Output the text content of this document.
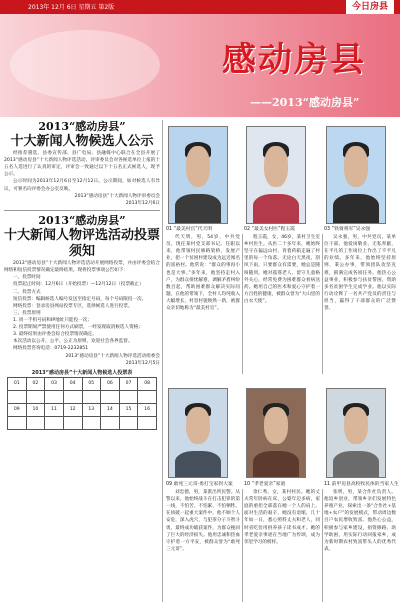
2013年 12月 6日 星期五 第2版	今日房县
感动房县
——2013“感动房县”
2013“感动房县”
十大新闻人物候选人公示

经推荐遴选、县委宣传部、县广电局、县融媒中心联合在全县开展了2013“感动房县”十大新闻人物评选活动，评审委员会对各候选单位上报的十五名人选进行了认真的审定，评审会一致通过以下十五名正式候选人，现予公示。

公示时间为2013年12月6日至12月12日。公示期间，如对候选人有异议，可署名向评委会办公室反映。

2013“感动房县”十大新闻人物评审委员会

2013年12月6日

2013“感动房县”
十大新闻人物评选活动投票须知

2013“感动房县”十大新闻人物评选活动开展网络投票，并由评委会结合网络和短信投票情况确定最终结果。现将投票事项公告如下：

一、投票时间

投票起止时间：12月6日（开始投票）—12月12日（投票截止）

二、投票方式

短信投票：编辑候选人编号发送至指定号码，每个号码限投一次。

网络投票：登录房县网站投票专区，选择候选人进行投票。

三、投票原则

1. 同一手机号码和IP地址只能投一次；

2. 投票期间严禁使用任何方式刷票，一经发现取消候选人资格；

3. 最终结果由评委会综合投票情况确定。

本次活动以公开、公平、公正为原则，欢迎社会各界监督。

网络投票咨询电话：0719-2232851

2013“感动房县”十大新闻人物评选活动组委会

2013年12月5日

2013“感动房县”十大新闻人物候选人投票表
01	02	03	04	05	06	07	08

09	10	11	12	13	14	15	16

01 “最美村官”代天明	02 “最美女村医”程玉霞	03 “铁骑将军”吴永强

代天明，男，54岁，中共党员，现任某村党支部书记。任职以来，他带领村民修路架桥、发展产业，把一个贫困村建设成为远近闻名的富裕村。他常说：“群众的事再小也是大事。”多年来，他坚持走村入户，为群众排忧解难，调解矛盾纠纷数百起，帮助困难群众解决实际问题。在他的带领下，全村人均纯收入大幅增长，村容村貌焕然一新，被群众亲切地称为“最美村官”。

程玉霞，女，46岁，某村卫生室乡村医生。从医二十多年来，她始终坚守在偏远山村，背着药箱走遍了村里的每一个角落。无论白天黑夜、刮风下雨，只要群众有需要，她总是随叫随到。她对孤寡老人、留守儿童格外关心，经常免费为困难群众看病送药。她用自己的医术和爱心守护着一方百姓的健康，被群众誉为“大山里的白衣天使”。

吴永强，男，中共党员，某单位干部。他爱岗敬业、无私奉献，在平凡的工作岗位上作出了不平凡的业绩。多年来，他始终坚持原则、秉公办事，带领团队攻坚克难，圆满完成各项任务。他热心公益事业，积极参与扶贫帮困，资助多名贫困学生完成学业。他以实际行动诠释了一名共产党员的责任与担当，赢得了干部群众的广泛赞誉。

09 敢死三元哥·勇打宝家拐大案 10 “孝老爱亲”家庭	11 前甲房县高校牧民体的当家人生

刘忠德，男，某派出所民警。从警以来，他始终战斗在打击犯罪的第一线，不怕苦、不怕累、不怕牺牲。在侦破一起重大案件中，他不顾个人安危，深入虎穴，与犯罪分子斗智斗勇，最终成功破获案件，为群众挽回了巨大的经济损失。他用忠诚和热血守护着一方平安，被群众誉为“敢死三元哥”。

余仁秀，女，某村村民。她的丈夫常年卧病在床，公婆年迈多病，家庭的重担全部落在她一个人的肩上。面对生活的艰辛，她没有退缩，几十年如一日，悉心照料丈夫和老人，同时省吃俭用供养孩子读书成才。她的孝老爱亲事迹在当地广为传颂，成为邻里学习的榜样。

张明，男，某合作社负责人。他返乡创业，带领乡亲们发展特色养殖产业，探索出一条“合作社+基地+农户”的发展模式，带动周边数百户农民增收致富。他热心公益，积极参与家乡建设，捐资修路、助学助困，用实际行动回报家乡，成为新时期农村致富带头人的优秀代表。
